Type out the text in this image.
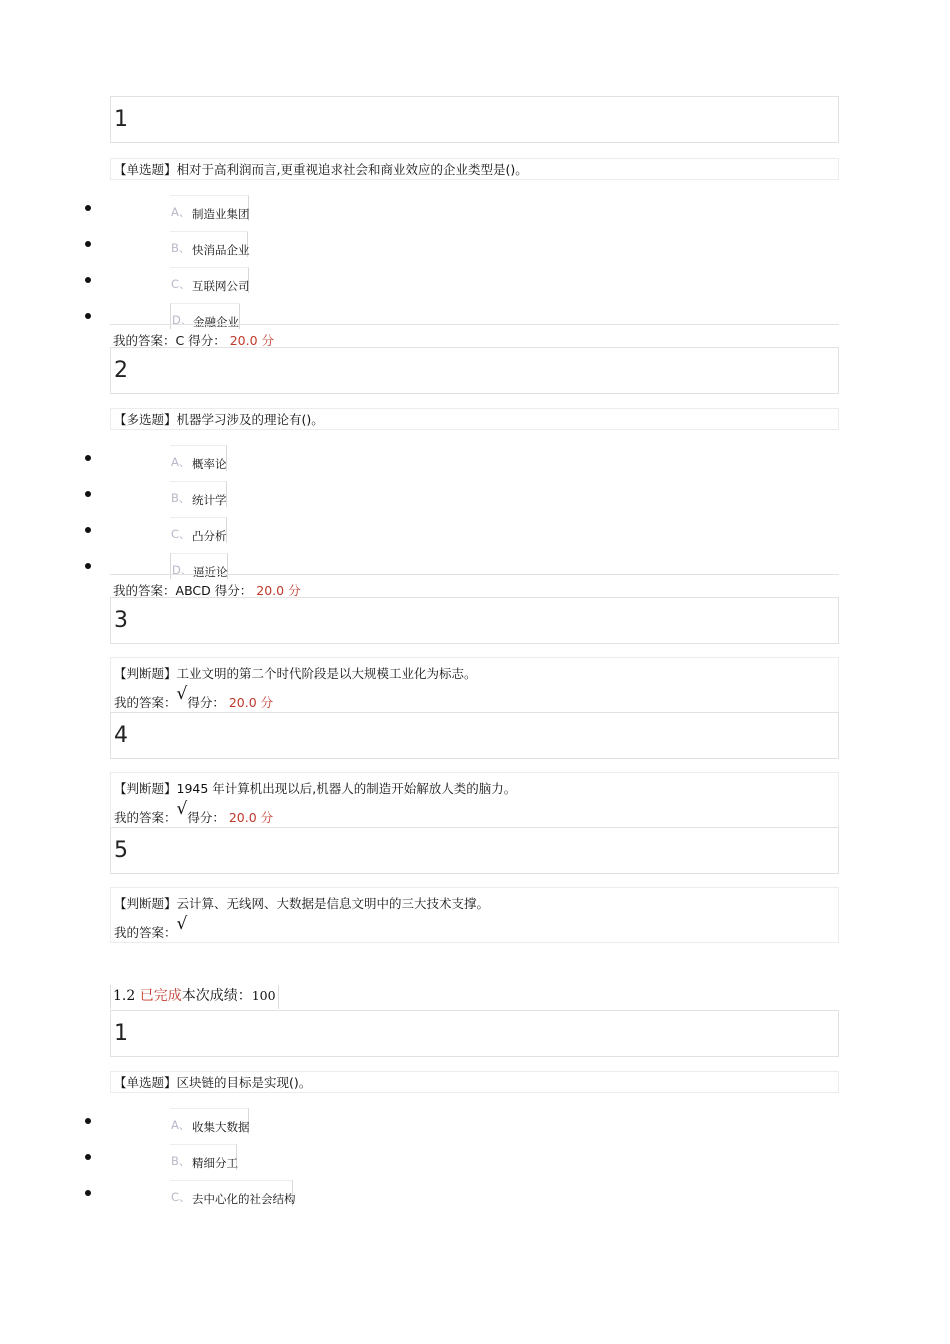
1
【单选题】相对于高利润而言,更重视追求社会和商业效应的企业类型是()。
A、 制造业集团
B、 快消品企业
C、 互联网公司
D、 金融企业
我的答案：C 得分： 20.0 分
2
【多选题】机器学习涉及的理论有()。
A、 概率论
B、 统计学
C、 凸分析
D、 逼近论
我的答案：ABCD 得分： 20.0 分
3
【判断题】工业文明的第二个时代阶段是以大规模工业化为标志。
我的答案：√得分： 20.0 分
4
【判断题】1945 年计算机出现以后,机器人的制造开始解放人类的脑力。
我的答案：√得分： 20.0 分
5
【判断题】云计算、无线网、大数据是信息文明中的三大技术支撑。
我的答案：√
1.2 已完成本次成绩：100
1
【单选题】区块链的目标是实现()。
A、 收集大数据
B、 精细分工
C、 去中心化的社会结构
